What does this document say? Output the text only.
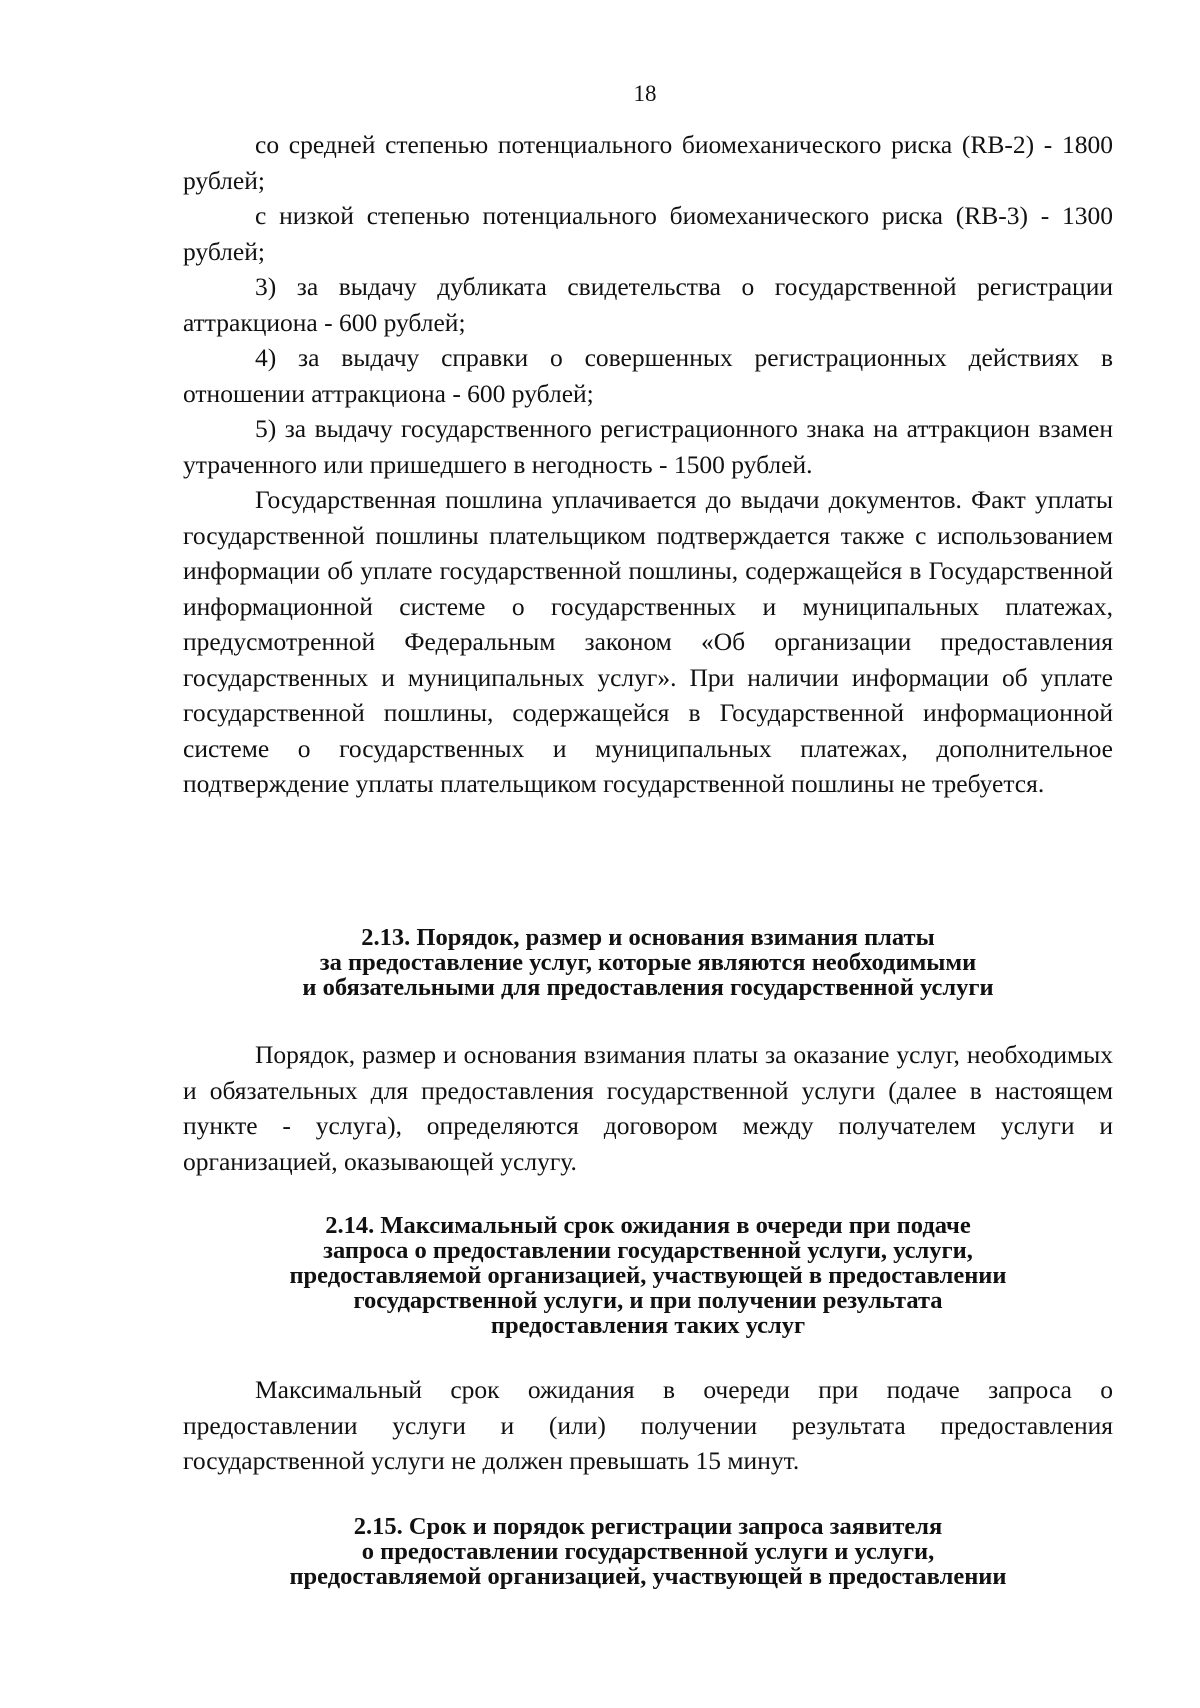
18

со средней степенью потенциального биомеханического риска (RB-2) - 1800 рублей;

с низкой степенью потенциального биомеханического риска (RB-3) - 1300 рублей;

3) за выдачу дубликата свидетельства о государственной регистрации аттракциона - 600 рублей;

4) за выдачу справки о совершенных регистрационных действиях в отношении аттракциона - 600 рублей;

5) за выдачу государственного регистрационного знака на аттракцион взамен утраченного или пришедшего в негодность - 1500 рублей.

Государственная пошлина уплачивается до выдачи документов. Факт уплаты государственной пошлины плательщиком подтверждается также с использованием информации об уплате государственной пошлины, содержащейся в Государственной информационной системе о государственных и муниципальных платежах, предусмотренной Федеральным законом «Об организации предоставления государственных и муниципальных услуг». При наличии информации об уплате государственной пошлины, содержащейся в Государственной информационной системе о государственных и муниципальных платежах, дополнительное подтверждение уплаты плательщиком государственной пошлины не требуется.

2.13. Порядок, размер и основания взимания платы
за предоставление услуг, которые являются необходимыми
и обязательными для предоставления государственной услуги

Порядок, размер и основания взимания платы за оказание услуг, необходимых и обязательных для предоставления государственной услуги (далее в настоящем пункте - услуга), определяются договором между получателем услуги и организацией, оказывающей услугу.

2.14. Максимальный срок ожидания в очереди при подаче
запроса о предоставлении государственной услуги, услуги,
предоставляемой организацией, участвующей в предоставлении
государственной услуги, и при получении результата
предоставления таких услуг

Максимальный срок ожидания в очереди при подаче запроса о предоставлении услуги и (или) получении результата предоставления государственной услуги не должен превышать 15 минут.

2.15. Срок и порядок регистрации запроса заявителя
о предоставлении государственной услуги и услуги,
предоставляемой организацией, участвующей в предоставлении
